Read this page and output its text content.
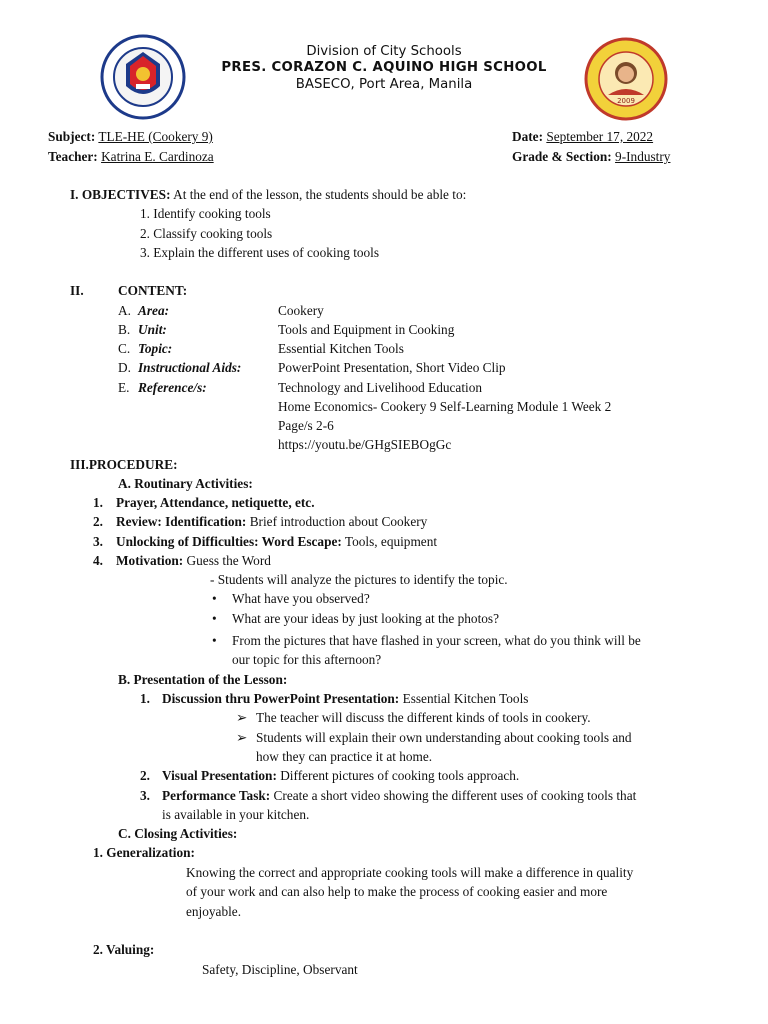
2009
Division of City Schools
PRES. CORAZON C. AQUINO HIGH SCHOOL
BASECO, Port Area, Manila
Subject: TLE-HE (Cookery 9)
Teacher: Katrina E. Cardinoza
Date: September 17, 2022
Grade & Section: 9-Industry
I. OBJECTIVES: At the end of the lesson, the students should be able to:
1. Identify cooking tools
2. Classify cooking tools
3. Explain the different uses of cooking tools
II.	CONTENT:
A. Area:	Cookery
B. Unit:	Tools and Equipment in Cooking
C. Topic:	Essential Kitchen Tools
D. Instructional Aids:	PowerPoint Presentation, Short Video Clip
E. Reference/s:	Technology and Livelihood Education
Home Economics- Cookery 9 Self-Learning Module 1 Week 2
Page/s 2-6
https://youtu.be/GHgSIEBOgGc
III.PROCEDURE:
A. Routinary Activities:
1. Prayer, Attendance, netiquette, etc.
2. Review: Identification: Brief introduction about Cookery
3. Unlocking of Difficulties: Word Escape: Tools, equipment
4. Motivation: Guess the Word
- Students will analyze the pictures to identify the topic.
• What have you observed?
• What are your ideas by just looking at the photos?
• From the pictures that have flashed in your screen, what do you think will be
our topic for this afternoon?
B. Presentation of the Lesson:
1. Discussion thru PowerPoint Presentation: Essential Kitchen Tools
➢ The teacher will discuss the different kinds of tools in cookery.
➢ Students will explain their own understanding about cooking tools and
how they can practice it at home.
2. Visual Presentation: Different pictures of cooking tools approach.
3. Performance Task: Create a short video showing the different uses of cooking tools that
is available in your kitchen.
C. Closing Activities:
1. Generalization:
Knowing the correct and appropriate cooking tools will make a difference in quality
of your work and can also help to make the process of cooking easier and more
enjoyable.
2. Valuing:
Safety, Discipline, Observant
